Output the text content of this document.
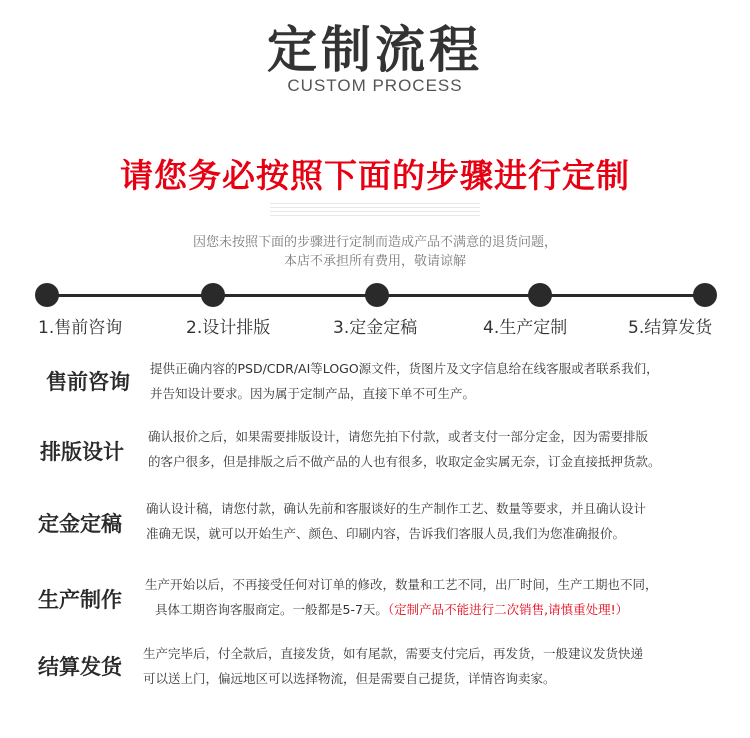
定制流程
CUSTOM PROCESS
请您务必按照下面的步骤进行定制
因您未按照下面的步骤进行定制而造成产品不满意的退货问题，
本店不承担所有费用，敬请谅解
1.售前咨询	2.设计排版	3.定金定稿	4.生产定制	5.结算发货
售前咨询
提供正确内容的PSD/CDR/AI等LOGO源文件，货图片及文字信息给在线客服或者联系我们，
并告知设计要求。因为属于定制产品，直接下单不可生产。
排版设计
确认报价之后，如果需要排版设计，请您先拍下付款，或者支付一部分定金，因为需要排版
的客户很多，但是排版之后不做产品的人也有很多，收取定金实属无奈，订金直接抵押货款。
定金定稿
确认设计稿，请您付款，确认先前和客服谈好的生产制作工艺、数量等要求，并且确认设计
准确无误，就可以开始生产、颜色、印刷内容，告诉我们客服人员,我们为您准确报价。
生产制作
生产开始以后，不再接受任何对订单的修改，数量和工艺不同，出厂时间，生产工期也不同，
具体工期咨询客服商定。一般都是5-7天。（定制产品不能进行二次销售,请慎重处理!）
结算发货
生产完毕后，付全款后，直接发货，如有尾款，需要支付完后，再发货，一般建议发货快递
可以送上门，偏远地区可以选择物流，但是需要自己提货，详情咨询卖家。
